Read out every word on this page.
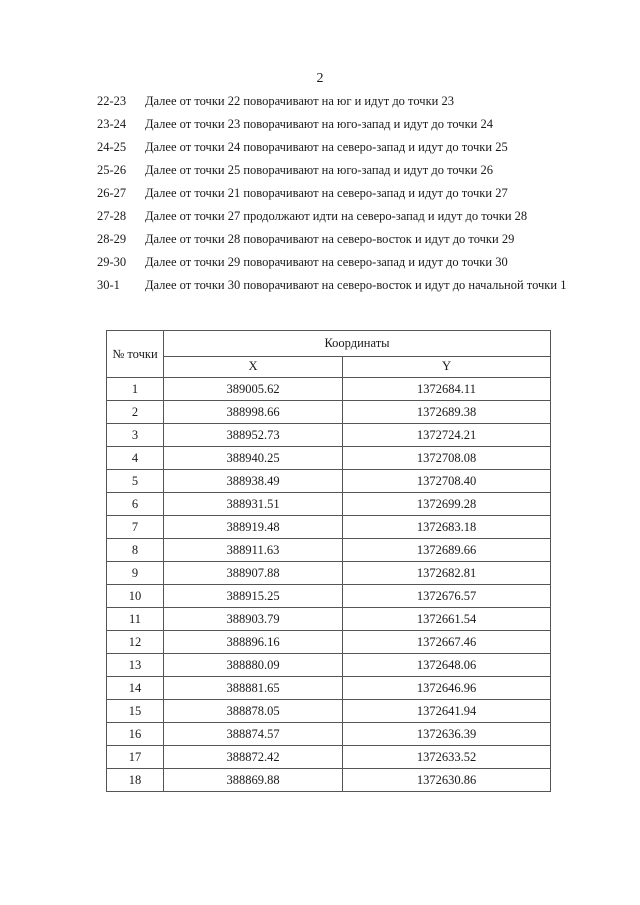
2
22-23	Далее от точки 22 поворачивают на юг и идут до точки 23
23-24	Далее от точки 23 поворачивают на юго-запад и идут до точки 24
24-25	Далее от точки 24 поворачивают на северо-запад и идут до точки 25
25-26	Далее от точки 25 поворачивают на юго-запад и идут до точки 26
26-27	Далее от точки 21 поворачивают на северо-запад и идут до точки 27
27-28	Далее от точки 27 продолжают идти на северо-запад и идут до точки 28
28-29	Далее от точки 28 поворачивают на северо-восток и идут до точки 29
29-30	Далее от точки 29 поворачивают на северо-запад и идут до точки 30
30-1	Далее от точки 30 поворачивают на северо-восток и идут до начальной точки 1
№ точки	Координаты	
	X	Y
1	389005.62	1372684.11
2	388998.66	1372689.38
3	388952.73	1372724.21
4	388940.25	1372708.08
5	388938.49	1372708.40
6	388931.51	1372699.28
7	388919.48	1372683.18
8	388911.63	1372689.66
9	388907.88	1372682.81
10	388915.25	1372676.57
11	388903.79	1372661.54
12	388896.16	1372667.46
13	388880.09	1372648.06
14	388881.65	1372646.96
15	388878.05	1372641.94
16	388874.57	1372636.39
17	388872.42	1372633.52
18	388869.88	1372630.86
